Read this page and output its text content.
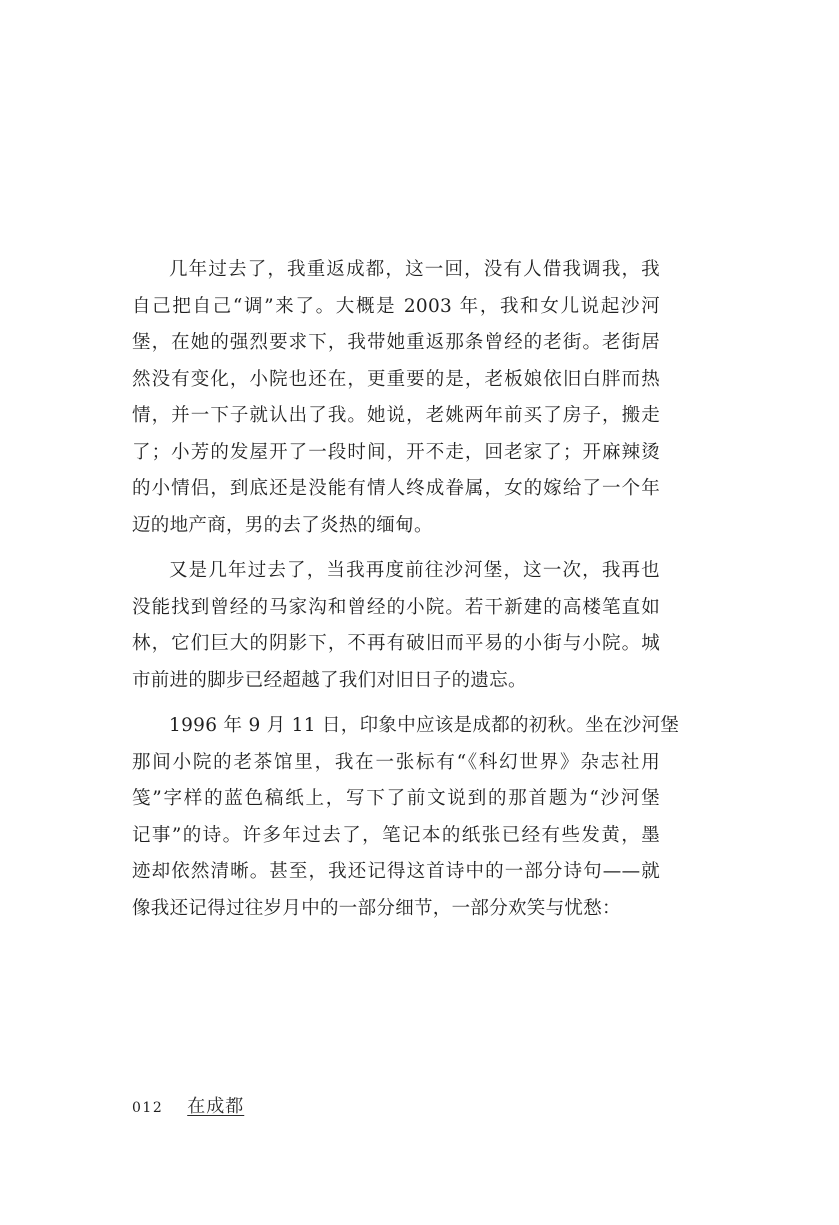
几年过去了，我重返成都，这一回，没有人借我调我，我
自己把自己“调”来了。大概是 2003 年，我和女儿说起沙河
堡，在她的强烈要求下，我带她重返那条曾经的老街。老街居
然没有变化，小院也还在，更重要的是，老板娘依旧白胖而热
情，并一下子就认出了我。她说，老姚两年前买了房子，搬走
了；小芳的发屋开了一段时间，开不走，回老家了；开麻辣烫
的小情侣，到底还是没能有情人终成眷属，女的嫁给了一个年
迈的地产商，男的去了炎热的缅甸。
又是几年过去了，当我再度前往沙河堡，这一次，我再也
没能找到曾经的马家沟和曾经的小院。若干新建的高楼笔直如
林，它们巨大的阴影下，不再有破旧而平易的小街与小院。城
市前进的脚步已经超越了我们对旧日子的遗忘。
1996 年 9 月 11 日，印象中应该是成都的初秋。坐在沙河堡
那间小院的老茶馆里，我在一张标有“《科幻世界》杂志社用
笺”字样的蓝色稿纸上，写下了前文说到的那首题为“沙河堡
记事”的诗。许多年过去了，笔记本的纸张已经有些发黄，墨
迹却依然清晰。甚至，我还记得这首诗中的一部分诗句——就
像我还记得过往岁月中的一部分细节，一部分欢笑与忧愁：
012 在成都
